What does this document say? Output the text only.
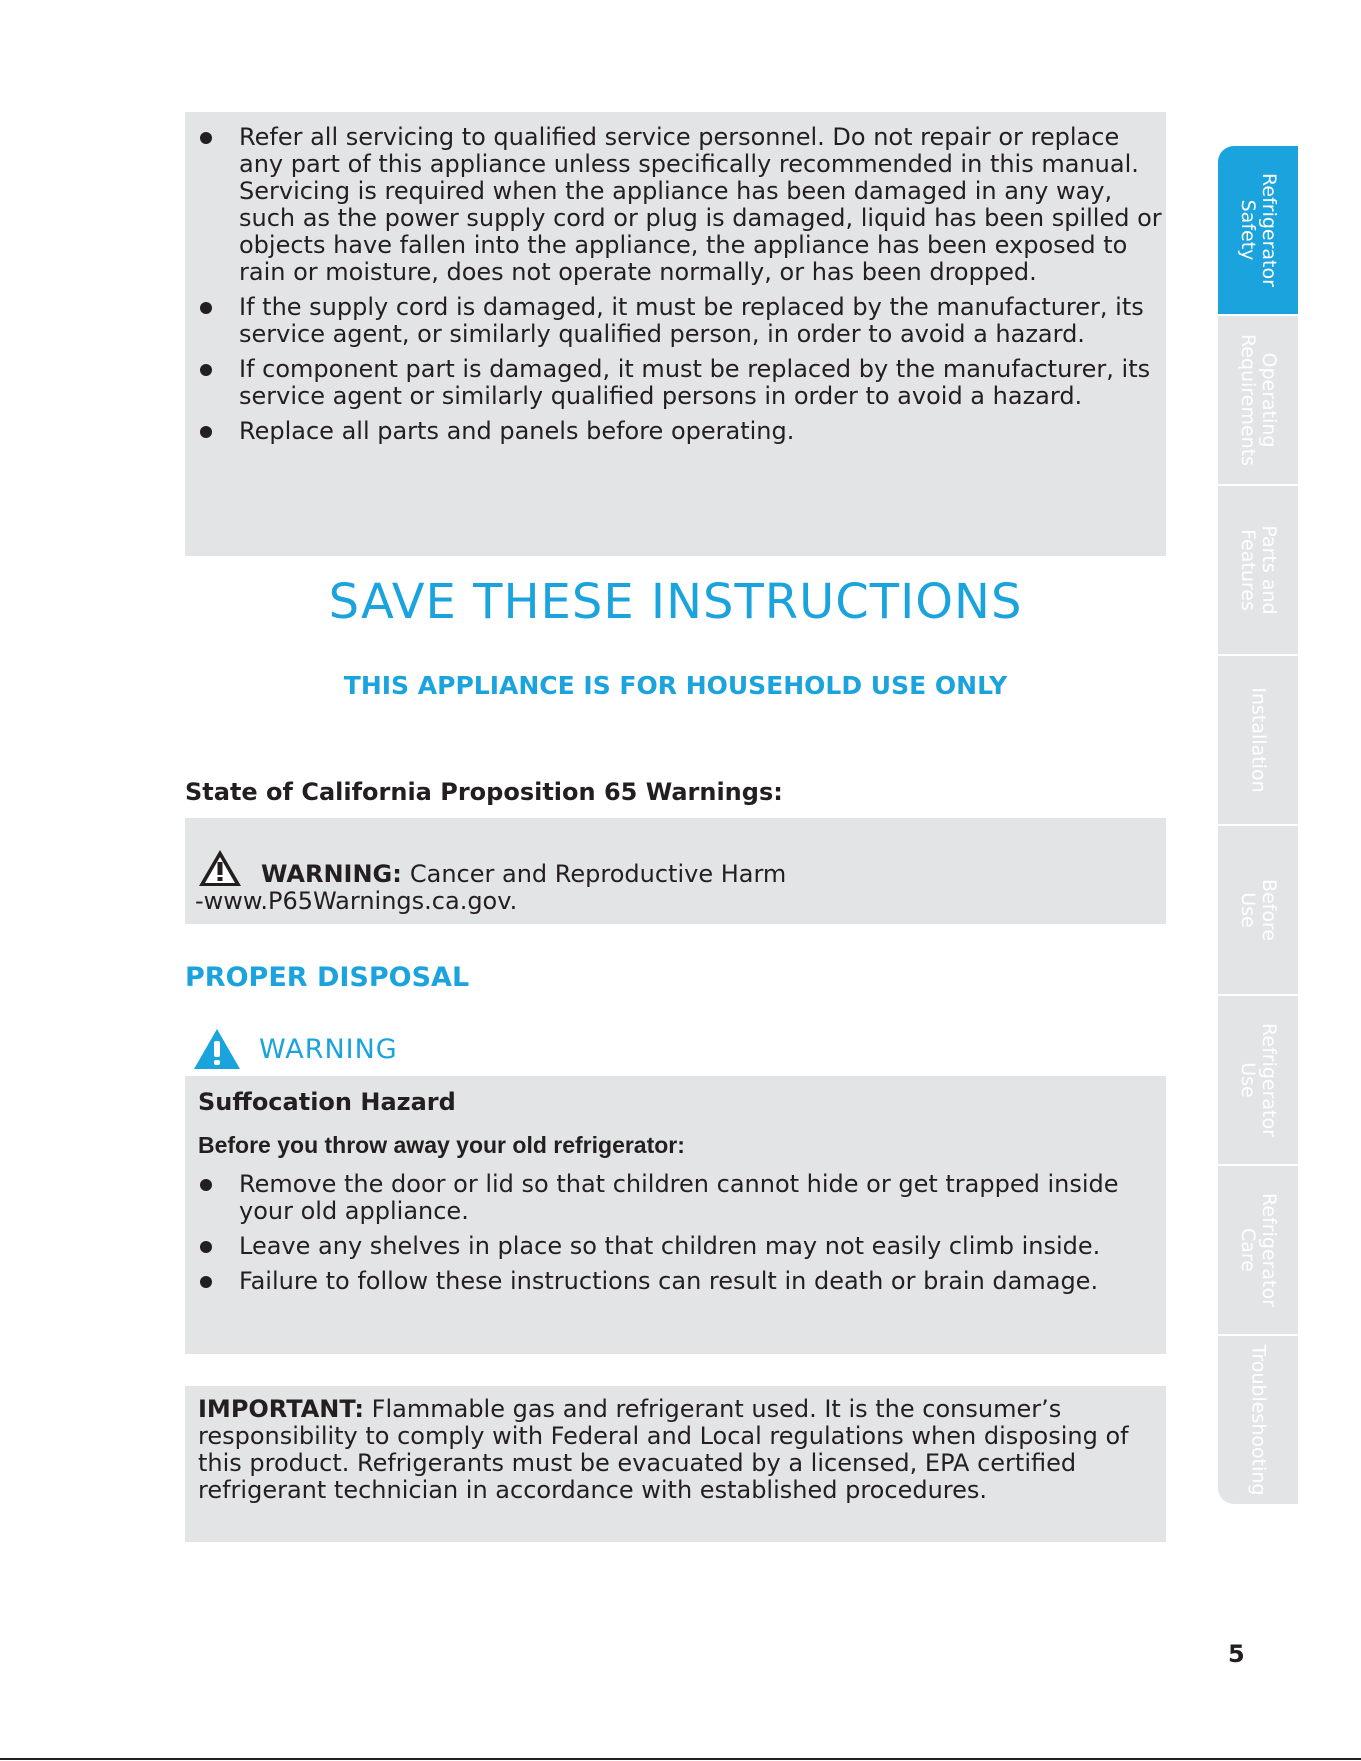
Refer all servicing to qualified service personnel. Do not repair or replace any part of this appliance unless specifically recommended in this manual. Servicing is required when the appliance has been damaged in any way, such as the power supply cord or plug is damaged, liquid has been spilled or objects have fallen into the appliance, the appliance has been exposed to rain or moisture, does not operate normally, or has been dropped.
If the supply cord is damaged, it must be replaced by the manufacturer, its service agent, or similarly qualified person, in order to avoid a hazard.
If component part is damaged, it must be replaced by the manufacturer, its service agent or similarly qualified persons in order to avoid a hazard.
Replace all parts and panels before operating.
SAVE THESE INSTRUCTIONS
THIS APPLIANCE IS FOR HOUSEHOLD USE ONLY
State of California Proposition 65 Warnings:
WARNING: Cancer and Reproductive Harm
-www.P65Warnings.ca.gov.
PROPER DISPOSAL
WARNING
Suffocation Hazard
Before you throw away your old refrigerator:
Remove the door or lid so that children cannot hide or get trapped inside your old appliance.
Leave any shelves in place so that children may not easily climb inside.
Failure to follow these instructions can result in death or brain damage.
IMPORTANT: Flammable gas and refrigerant used. It is the consumer’s responsibility to comply with Federal and Local regulations when disposing of this product. Refrigerants must be evacuated by a licensed, EPA certified refrigerant technician in accordance with established procedures.
Refrigerator
Safety
Operating
Requirements
Parts and
Features
Installation
Before
Use
Refrigerator
Use
Refrigerator
Care
Troubleshooting
5
